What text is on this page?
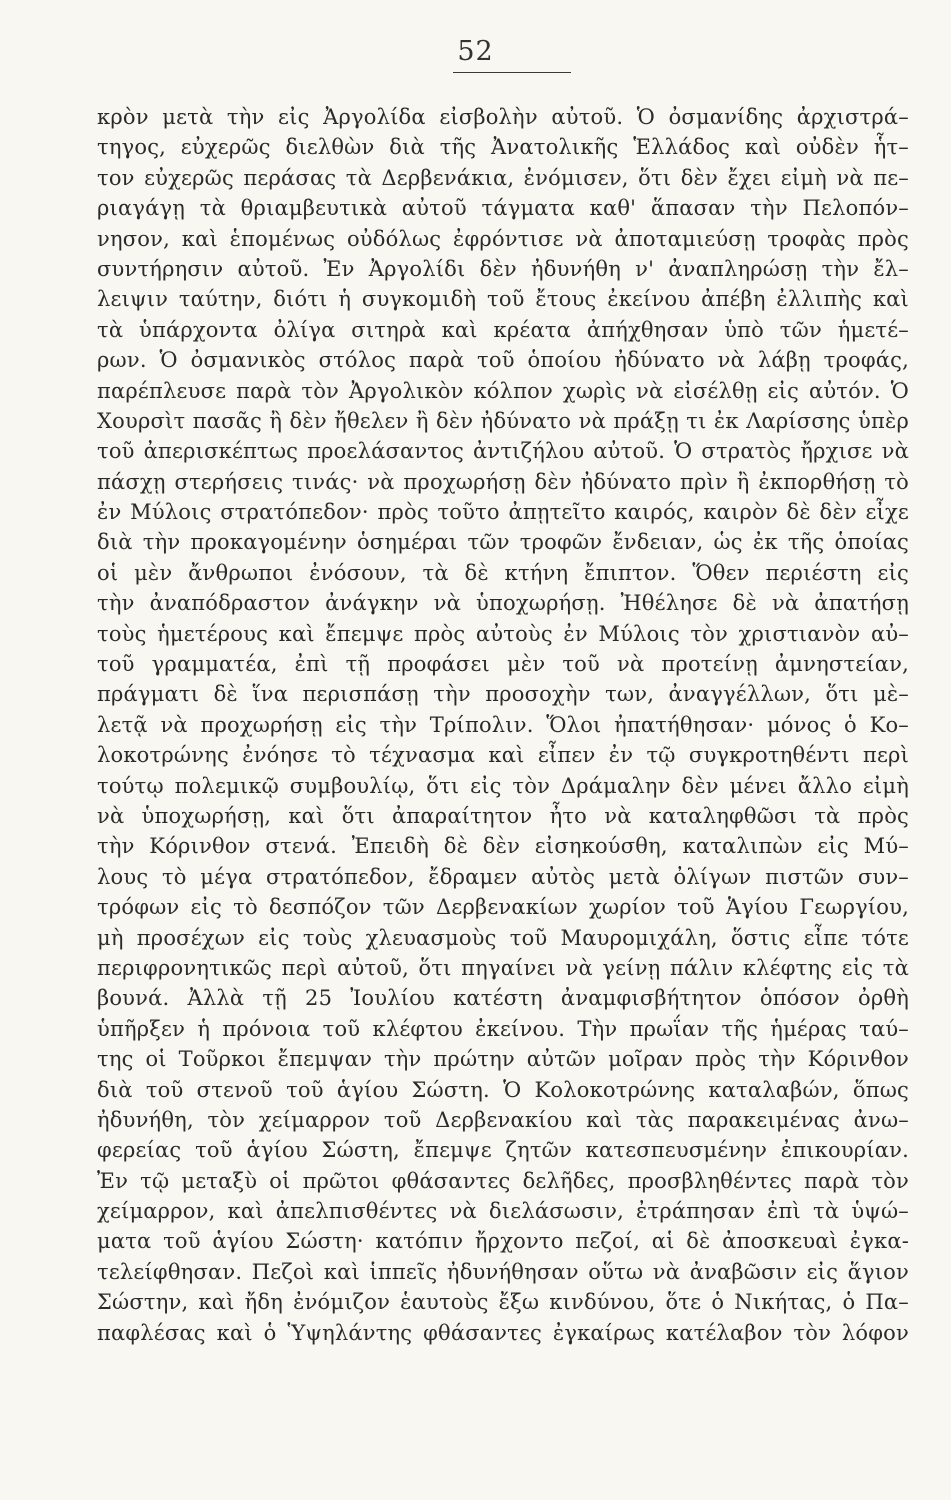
52
κρὸν μετὰ τὴν εἰς Ἀργολίδα εἰσβολὴν αὐτοῦ. Ὁ ὀσμανίδης ἀρχιστρά–
τηγος, εὐχερῶς διελθὼν διὰ τῆς Ἀνατολικῆς Ἑλλάδος καὶ οὐδὲν ἧτ–
τον εὐχερῶς περάσας τὰ Δερβενάκια, ἐνόμισεν, ὅτι δὲν ἔχει εἰμὴ νὰ πε–
ριαγάγῃ τὰ θριαμβευτικὰ αὐτοῦ τάγματα καθ' ἅπασαν τὴν Πελοπόν–
νησον, καὶ ἑπομένως οὐδόλως ἐφρόντισε νὰ ἀποταμιεύσῃ τροφὰς πρὸς
συντήρησιν αὐτοῦ. Ἐν Ἀργολίδι δὲν ἠδυνήθη ν' ἀναπληρώσῃ τὴν ἔλ–
λειψιν ταύτην, διότι ἡ συγκομιδὴ τοῦ ἔτους ἐκείνου ἀπέβη ἐλλιπὴς καὶ
τὰ ὑπάρχοντα ὀλίγα σιτηρὰ καὶ κρέατα ἀπήχθησαν ὑπὸ τῶν ἡμετέ–
ρων. Ὁ ὀσμανικὸς στόλος παρὰ τοῦ ὁποίου ἠδύνατο νὰ λάβῃ τροφάς,
παρέπλευσε παρὰ τὸν Ἀργολικὸν κόλπον χωρὶς νὰ εἰσέλθῃ εἰς αὐτόν. Ὁ
Χουρσὶτ πασᾶς ἢ δὲν ἤθελεν ἢ δὲν ἠδύνατο νὰ πράξῃ τι ἐκ Λαρίσσης ὑπὲρ
τοῦ ἀπερισκέπτως προελάσαντος ἀντιζήλου αὐτοῦ. Ὁ στρατὸς ἤρχισε νὰ
πάσχῃ στερήσεις τινάς· νὰ προχωρήσῃ δὲν ἠδύνατο πρὶν ἢ ἐκπορθήσῃ τὸ
ἐν Μύλοις στρατόπεδον· πρὸς τοῦτο ἀπῃτεῖτο καιρός, καιρὸν δὲ δὲν εἶχε
διὰ τὴν προκαγομένην ὁσημέραι τῶν τροφῶν ἔνδειαν, ὡς ἐκ τῆς ὁποίας
οἱ μὲν ἄνθρωποι ἐνόσουν, τὰ δὲ κτήνη ἔπιπτον. Ὅθεν περιέστη εἰς
τὴν ἀναπόδραστον ἀνάγκην νὰ ὑποχωρήσῃ. Ἠθέλησε δὲ νὰ ἀπατήσῃ
τοὺς ἡμετέρους καὶ ἔπεμψε πρὸς αὐτοὺς ἐν Μύλοις τὸν χριστιανὸν αὐ–
τοῦ γραμματέα, ἐπὶ τῇ προφάσει μὲν τοῦ νὰ προτείνῃ ἀμνηστείαν,
πράγματι δὲ ἵνα περισπάσῃ τὴν προσοχὴν των, ἀναγγέλλων, ὅτι μὲ–
λετᾷ νὰ προχωρήσῃ εἰς τὴν Τρίπολιν. Ὅλοι ἠπατήθησαν· μόνος ὁ Κο–
λοκοτρώνης ἐνόησε τὸ τέχνασμα καὶ εἶπεν ἐν τῷ συγκροτηθέντι περὶ
τούτῳ πολεμικῷ συμβουλίῳ, ὅτι εἰς τὸν Δράμαλην δὲν μένει ἄλλο εἰμὴ
νὰ ὑποχωρήσῃ, καὶ ὅτι ἀπαραίτητον ἦτο νὰ καταληφθῶσι τὰ πρὸς
τὴν Κόρινθον στενά. Ἐπειδὴ δὲ δὲν εἰσηκούσθη, καταλιπὼν εἰς Μύ–
λους τὸ μέγα στρατόπεδον, ἔδραμεν αὐτὸς μετὰ ὀλίγων πιστῶν συν–
τρόφων εἰς τὸ δεσπόζον τῶν Δερβενακίων χωρίον τοῦ Ἁγίου Γεωργίου,
μὴ προσέχων εἰς τοὺς χλευασμοὺς τοῦ Μαυρομιχάλη, ὅστις εἶπε τότε
περιφρονητικῶς περὶ αὐτοῦ, ὅτι πηγαίνει νὰ γείνῃ πάλιν κλέφτης εἰς τὰ
βουνά. Ἀλλὰ τῇ 25 Ἰουλίου κατέστη ἀναμφισβήτητον ὁπόσον ὀρθὴ
ὑπῆρξεν ἡ πρόνοια τοῦ κλέφτου ἐκείνου. Τὴν πρωΐαν τῆς ἡμέρας ταύ–
της οἱ Τοῦρκοι ἔπεμψαν τὴν πρώτην αὐτῶν μοῖραν πρὸς τὴν Κόρινθον
διὰ τοῦ στενοῦ τοῦ ἁγίου Σώστη. Ὁ Κολοκοτρώνης καταλαβών, ὅπως
ἠδυνήθη, τὸν χείμαρρον τοῦ Δερβενακίου καὶ τὰς παρακειμένας ἀνω–
φερείας τοῦ ἁγίου Σώστη, ἔπεμψε ζητῶν κατεσπευσμένην ἐπικουρίαν.
Ἐν τῷ μεταξὺ οἱ πρῶτοι φθάσαντες δελῆδες, προσβληθέντες παρὰ τὸν
χείμαρρον, καὶ ἀπελπισθέντες νὰ διελάσωσιν, ἐτράπησαν ἐπὶ τὰ ὑψώ–
ματα τοῦ ἁγίου Σώστη· κατόπιν ἤρχοντο πεζοί, αἱ δὲ ἀποσκευαὶ ἐγκα-
τελείφθησαν. Πεζοὶ καὶ ἱππεῖς ἠδυνήθησαν οὕτω νὰ ἀναβῶσιν εἰς ἅγιον
Σώστην, καὶ ἤδη ἐνόμιζον ἑαυτοὺς ἔξω κινδύνου, ὅτε ὁ Νικήτας, ὁ Πα–
παφλέσας καὶ ὁ Ὑψηλάντης φθάσαντες ἐγκαίρως κατέλαβον τὸν λόφον
